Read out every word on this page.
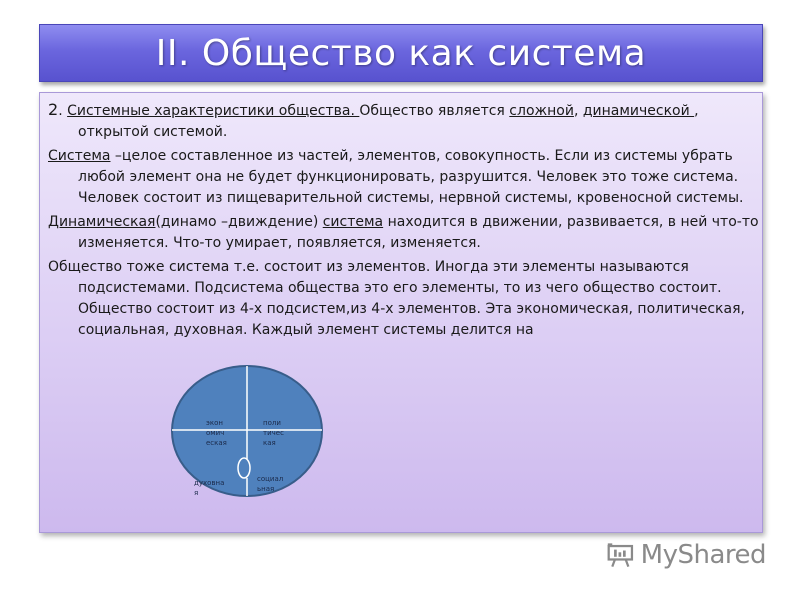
II. Общество как система

2. Системные характеристики общества. Общество является сложной, динамической , открытой системой.

Система –целое составленное из частей, элементов, совокупность. Если из системы убрать любой элемент она не будет функционировать, разрушится. Человек это тоже система. Человек состоит из пищеварительной системы, нервной системы, кровеносной системы.

Динамическая(динамо –движдение) система находится в движении, развивается, в ней что-то изменяется. Что-то умирает, появляется, изменяется.

Общество тоже система т.е. состоит из элементов. Иногда эти элементы называются подсистемами. Подсистема общества это его элементы, то из чего общество состоит. Общество состоит из 4-х подсистем,из 4-х элементов. Эта экономическая, политическая, социальная, духовная. Каждый элемент системы делится на

экон
омич
еская
поли
тичес
кая
духовна
я
социал
ьная
MyShared
